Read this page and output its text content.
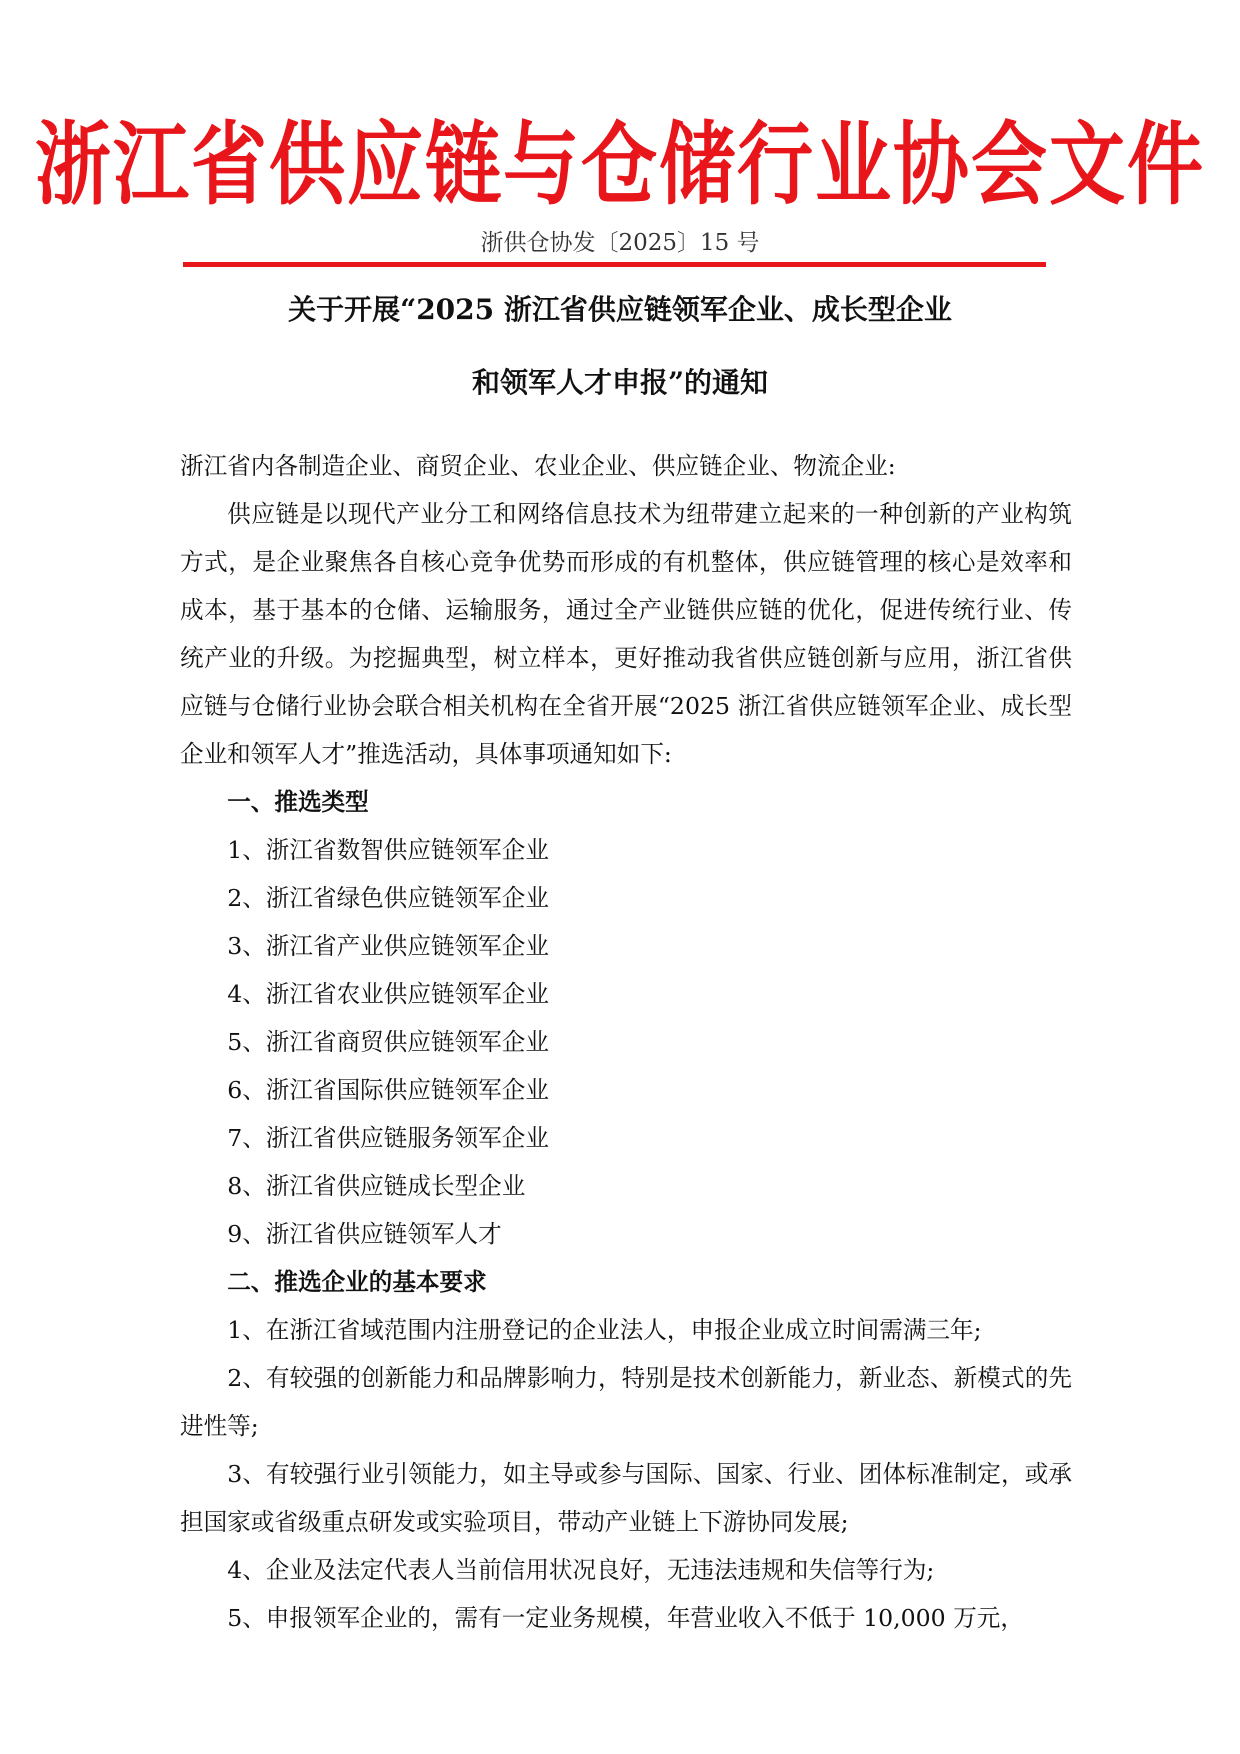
浙江省供应链与仓储行业协会文件
浙供仓协发〔2025〕15 号
关于开展“2025 浙江省供应链领军企业、成长型企业
和领军人才申报”的通知

浙江省内各制造企业、商贸企业、农业企业、供应链企业、物流企业:

供应链是以现代产业分工和网络信息技术为纽带建立起来的一种创新的产业构筑方式，是企业聚焦各自核心竞争优势而形成的有机整体，供应链管理的核心是效率和成本，基于基本的仓储、运输服务，通过全产业链供应链的优化，促进传统行业、传统产业的升级。为挖掘典型，树立样本，更好推动我省供应链创新与应用，浙江省供应链与仓储行业协会联合相关机构在全省开展“2025 浙江省供应链领军企业、成长型企业和领军人才”推选活动，具体事项通知如下:

一、推选类型

1、浙江省数智供应链领军企业

2、浙江省绿色供应链领军企业

3、浙江省产业供应链领军企业

4、浙江省农业供应链领军企业

5、浙江省商贸供应链领军企业

6、浙江省国际供应链领军企业

7、浙江省供应链服务领军企业

8、浙江省供应链成长型企业

9、浙江省供应链领军人才

二、推选企业的基本要求

1、在浙江省域范围内注册登记的企业法人，申报企业成立时间需满三年;

2、有较强的创新能力和品牌影响力，特别是技术创新能力，新业态、新模式的先进性等;

3、有较强行业引领能力，如主导或参与国际、国家、行业、团体标准制定，或承担国家或省级重点研发或实验项目，带动产业链上下游协同发展;

4、企业及法定代表人当前信用状况良好，无违法违规和失信等行为;

5、申报领军企业的，需有一定业务规模，年营业收入不低于 10,000 万元，
